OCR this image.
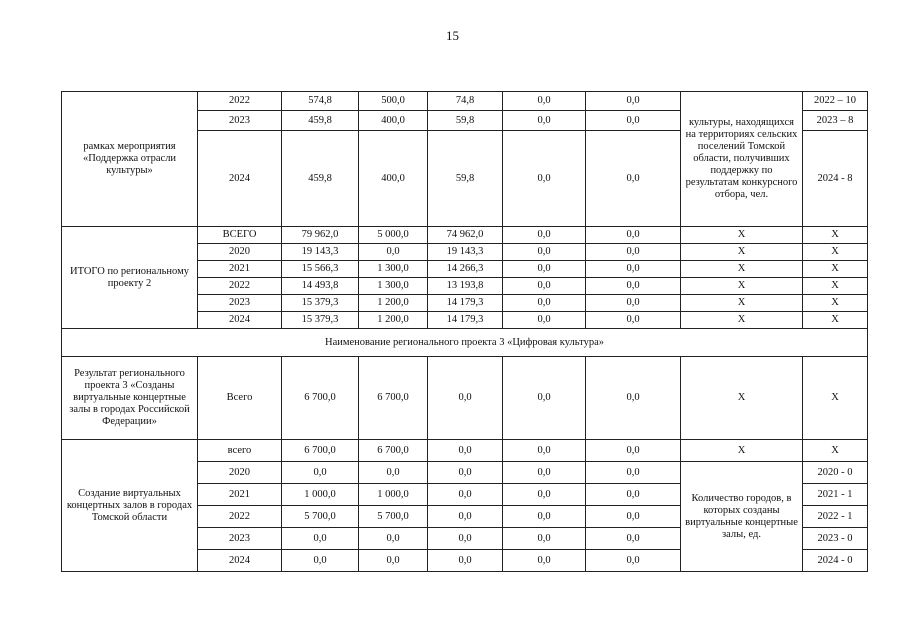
15
рамках мероприятия «Поддержка отрасли культуры»	2022	574,8	500,0	74,8	0,0	0,0	культуры, находящихся на территориях сельских поселений Томской области, получивших поддержку по результатам конкурсного отбора, чел.	2022 – 10
	2023	459,8	400,0	59,8	0,0	0,0		2023 – 8
	2024	459,8	400,0	59,8	0,0	0,0		2024 - 8
ИТОГО по региональному проекту 2	ВСЕГО	79 962,0	5 000,0	74 962,0	0,0	0,0	Х	Х
	2020	19 143,3	0,0	19 143,3	0,0	0,0	Х	Х
	2021	15 566,3	1 300,0	14 266,3	0,0	0,0	Х	Х
	2022	14 493,8	1 300,0	13 193,8	0,0	0,0	Х	Х
	2023	15 379,3	1 200,0	14 179,3	0,0	0,0	Х	Х
	2024	15 379,3	1 200,0	14 179,3	0,0	0,0	Х	Х
Наименование регионального проекта 3 «Цифровая культура»								
Результат регионального проекта 3 «Созданы виртуальные концертные залы в городах Российской Федерации»	Всего	6 700,0	6 700,0	0,0	0,0	0,0	Х	Х
Создание виртуальных концертных залов в городах Томской области	всего	6 700,0	6 700,0	0,0	0,0	0,0	Х	Х
	2020	0,0	0,0	0,0	0,0	0,0	Количество городов, в которых созданы виртуальные концертные залы, ед.	2020 - 0
	2021	1 000,0	1 000,0	0,0	0,0	0,0		2021 - 1
	2022	5 700,0	5 700,0	0,0	0,0	0,0		2022 - 1
	2023	0,0	0,0	0,0	0,0	0,0		2023 - 0
	2024	0,0	0,0	0,0	0,0	0,0		2024 - 0
